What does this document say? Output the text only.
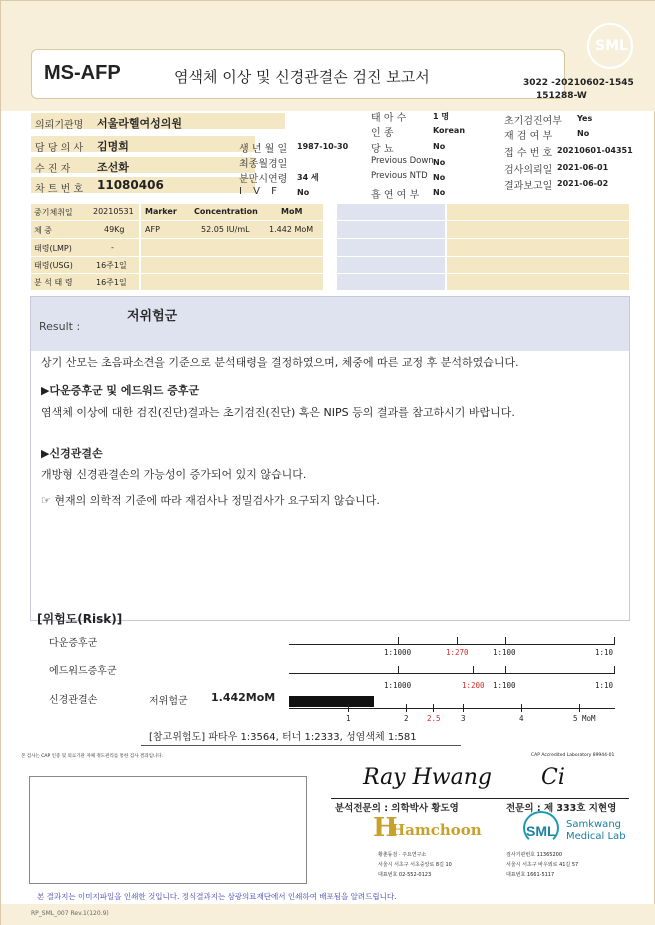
SML
MS-AFP	염색체 이상 및 신경관결손 검진 보고서	3022 -20210602-1545
151288-W
의뢰기관명 서울라헬여성의원
담 당 의 사 김명희
수 진 자 조선화
차 트 번 호 11080406
생 년 월 일 1987-10-30
최종월경일
분만시연령 34 세
I V F	No
태 아 수	1 명
인 종	Korean
당 뇨	No
Previous Down No
Previous NTD No
흡 연 여 부 No
초기검진여부 Yes
재 검 여 부	No
접 수 번 호 20210601-04351
검사의뢰일 2021-06-01
결과보고일 2021-06-02
중기체취일	20210531
체 중	49Kg
태령(LMP)	-
태령(USG)	16주1일
분 석 태 령	16주1일
Marker Concentration	MoM
AFP	52.05 IU/mL 1.442 MoM
Result :
저위험군
상기 산모는 초음파소견을 기준으로 분석태령을 결정하였으며, 체중에 따른 교정 후 분석하였습니다.
▶다운증후군 및 에드워드 증후군
염색체 이상에 대한 검진(진단)결과는 초기검진(진단) 혹은 NIPS 등의 결과를 참고하시기 바랍니다.
▶신경관결손
개방형 신경관결손의 가능성이 증가되어 있지 않습니다.
☞ 현재의 의학적 기준에 따라 재검사나 정밀검사가 요구되지 않습니다.
[위험도(Risk)]
다운증후군
에드워드증후군
신경관결손	저위험군 1.442MoM
1:1000	1:270	1:100	1:10
1:1000	1:200 1:100	1:10
1	2 2.5	3	4	5 MoM
[참고위험도] 파타우 1:3564, 터너 1:2333, 성염색체 1:581
본 검사는 CAP 인증 및 의료기관 자체 정도관리를 통한 검사 결과입니다.	CAP Accredited Laboratory 89944-01
Ray Hwang Ci
분석전문의 : 의학박사 황도영	전문의 : 제 333호 지현영
H
Hamchoon
황춘동검 · 주요연구소
서울시 서초구 서초중앙로 8길 10
대표번호 02-552-0123
SML Samkwang
Medical Lab
검사기관번호 11365200
서울시 서초구 바우뫼로 41길 57
대표번호 1661-5117
본 결과지는 이미지파일을 인쇄한 것입니다. 정식결과지는 삼광의료재단에서 인쇄하여 배포됨을 알려드립니다.
RP_SML_007 Rev.1(120.9)
